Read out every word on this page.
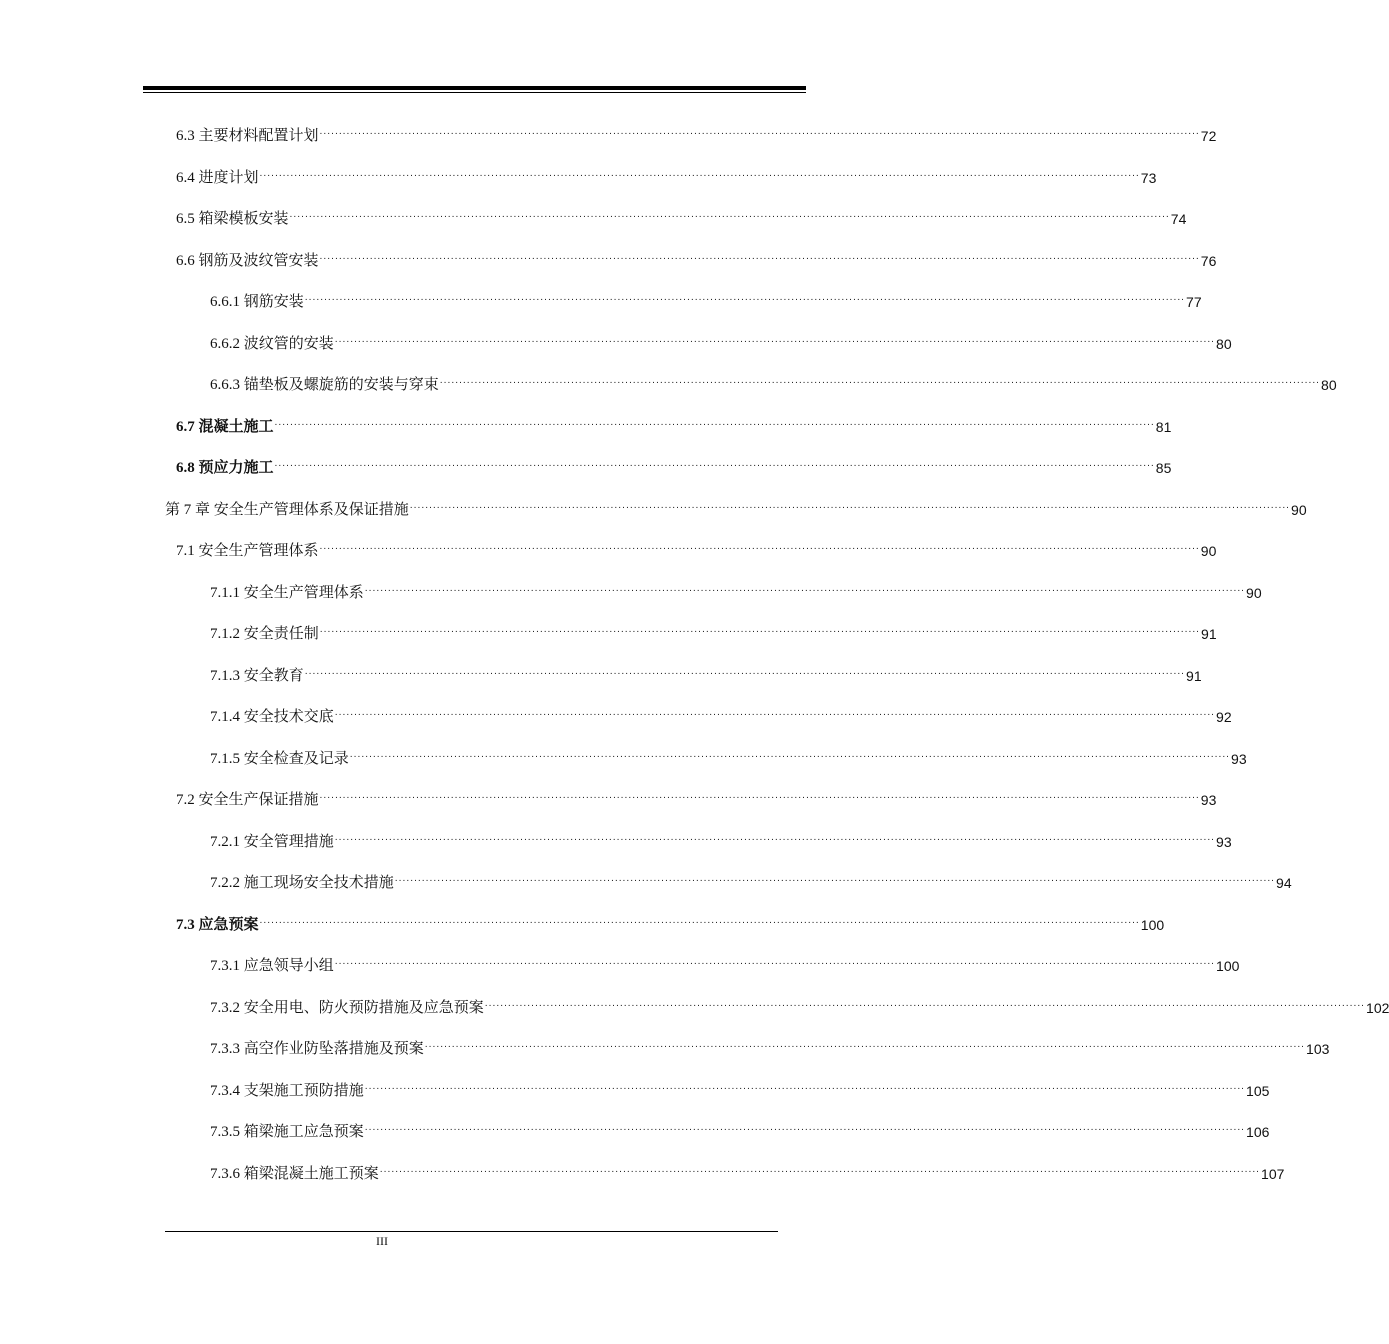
6.3 主要材料配置计划 .................................................................................................................................................................................................................................... 72
6.4 进度计划 .................................................................................................................................................................................................................................... 73
6.5 箱梁模板安装 .................................................................................................................................................................................................................................... 74
6.6 钢筋及波纹管安装 .................................................................................................................................................................................................................................... 76
6.6.1 钢筋安装 .................................................................................................................................................................................................................................... 77
6.6.2 波纹管的安装 .................................................................................................................................................................................................................................... 80
6.6.3 锚垫板及螺旋筋的安装与穿束 .................................................................................................................................................................................................................................... 80
6.7 混凝土施工 .................................................................................................................................................................................................................................... 81
6.8 预应力施工 .................................................................................................................................................................................................................................... 85
第 7 章 安全生产管理体系及保证措施 .................................................................................................................................................................................................................................... 90
7.1 安全生产管理体系 .................................................................................................................................................................................................................................... 90
7.1.1 安全生产管理体系 .................................................................................................................................................................................................................................... 90
7.1.2 安全责任制 .................................................................................................................................................................................................................................... 91
7.1.3 安全教育 .................................................................................................................................................................................................................................... 91
7.1.4 安全技术交底 .................................................................................................................................................................................................................................... 92
7.1.5 安全检查及记录 .................................................................................................................................................................................................................................... 93
7.2 安全生产保证措施 .................................................................................................................................................................................................................................... 93
7.2.1 安全管理措施 .................................................................................................................................................................................................................................... 93
7.2.2 施工现场安全技术措施 .................................................................................................................................................................................................................................... 94
7.3 应急预案 .................................................................................................................................................................................................................................... 100
7.3.1 应急领导小组 .................................................................................................................................................................................................................................... 100
7.3.2 安全用电、防火预防措施及应急预案 .................................................................................................................................................................................................................................... 102
7.3.3 高空作业防坠落措施及预案 .................................................................................................................................................................................................................................... 103
7.3.4 支架施工预防措施 .................................................................................................................................................................................................................................... 105
7.3.5 箱梁施工应急预案 .................................................................................................................................................................................................................................... 106
7.3.6 箱梁混凝土施工预案 .................................................................................................................................................................................................................................... 107
III
